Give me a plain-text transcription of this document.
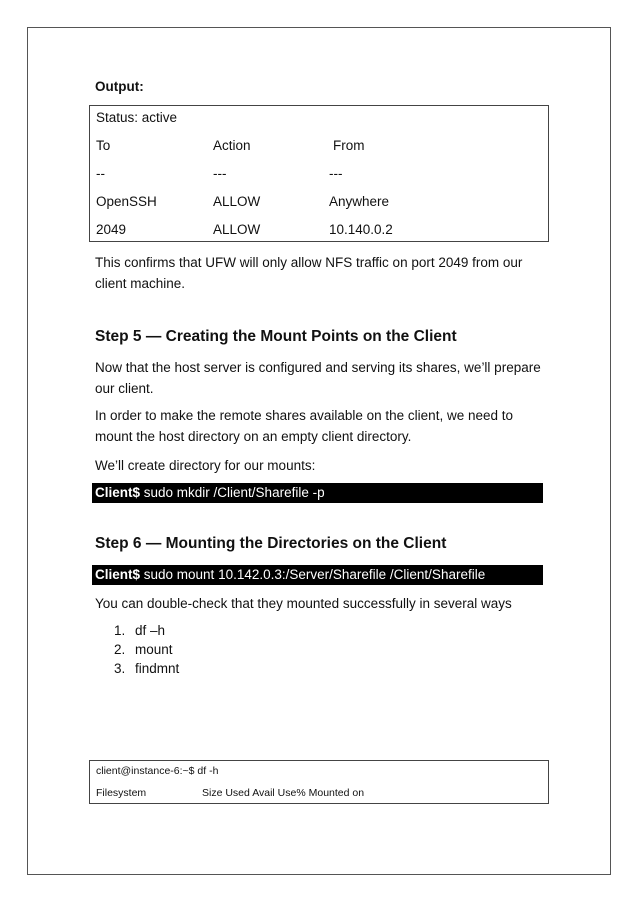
Output:
Status: active
To	Action	From
--	---	---
OpenSSH	ALLOW	Anywhere
2049	ALLOW	10.140.0.2
This confirms that UFW will only allow NFS traffic on port 2049 from our client machine.
Step 5 — Creating the Mount Points on the Client
Now that the host server is configured and serving its shares, we’ll prepare our client.
In order to make the remote shares available on the client, we need to mount the host directory on an empty client directory.
We’ll create directory for our mounts:
Client$ sudo mkdir /Client/Sharefile -p
Step 6 — Mounting the Directories on the Client
Client$ sudo mount 10.142.0.3:/Server/Sharefile /Client/Sharefile
You can double-check that they mounted successfully in several ways
1. df –h
2. mount
3. findmnt
client@instance-6:~$ df -h
Filesystem	Size Used Avail Use% Mounted on
